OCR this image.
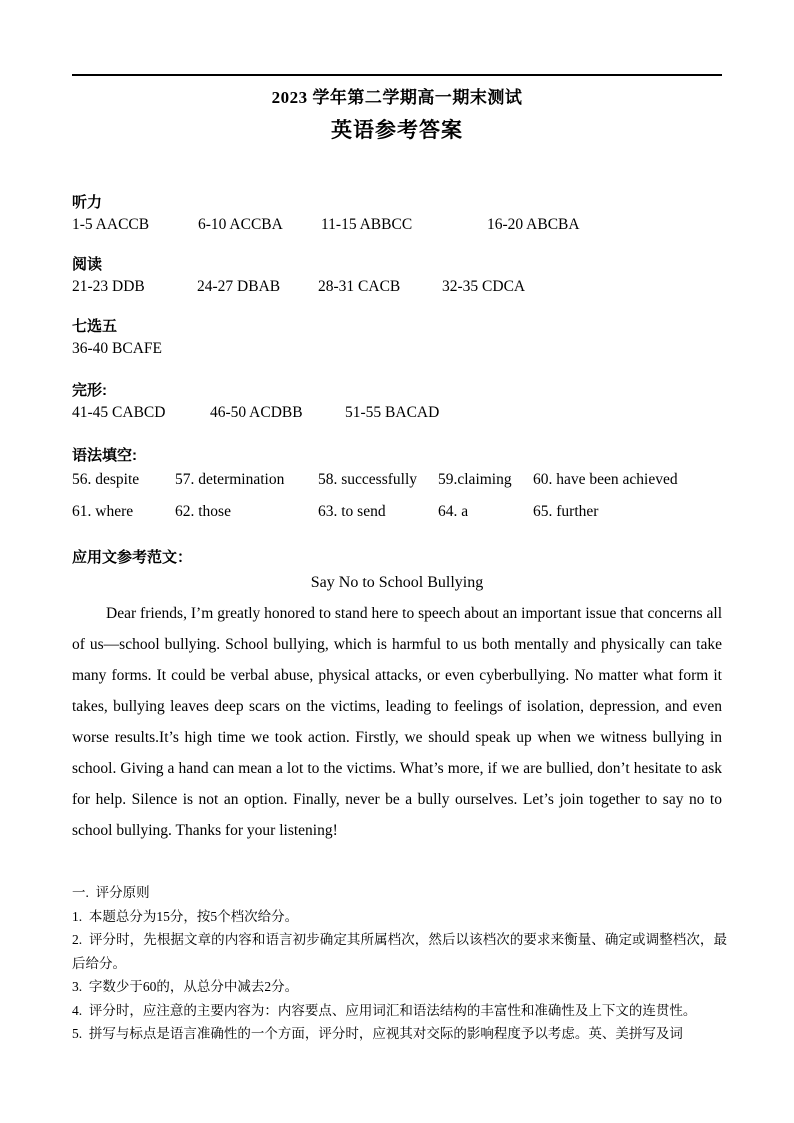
2023 学年第二学期高一期末测试
英语参考答案
听力
1-5 AACCB	6-10 ACCBA 11-15 ABBCC	16-20 ABCBA
阅读
21-23 DDB	24-27 DBAB 28-31 CACB	32-35 CDCA
七选五
36-40 BCAFE
完形:
41-45 CABCD	46-50 ACDBB	51-55 BACAD
语法填空:
56. despite 57. determination 58. successfully 59.claiming 60. have been achieved
61. where	62. those	63. to send	64. a	65. further
应用文参考范文：
Say No to School Bullying
Dear friends, I’m greatly honored to stand here to speech about an important issue that concerns all of us—school bullying. School bullying, which is harmful to us both mentally and physically can take many forms. It could be verbal abuse, physical attacks, or even cyberbullying. No matter what form it takes, bullying leaves deep scars on the victims, leading to feelings of isolation, depression, and even worse results.It’s high time we took action. Firstly, we should speak up when we witness bullying in school. Giving a hand can mean a lot to the victims. What’s more, if we are bullied, don’t hesitate to ask for help. Silence is not an option. Finally, never be a bully ourselves. Let’s join together to say no to school bullying. Thanks for your listening!
一. 评分原则
1. 本题总分为15分，按5个档次给分。
2. 评分时，先根据文章的内容和语言初步确定其所属档次，然后以该档次的要求来衡量、确定或调整档次，最后给分。
3. 字数少于60的，从总分中减去2分。
4. 评分时，应注意的主要内容为：内容要点、应用词汇和语法结构的丰富性和准确性及上下文的连贯性。
5. 拼写与标点是语言准确性的一个方面，评分时，应视其对交际的影响程度予以考虑。英、美拼写及词
